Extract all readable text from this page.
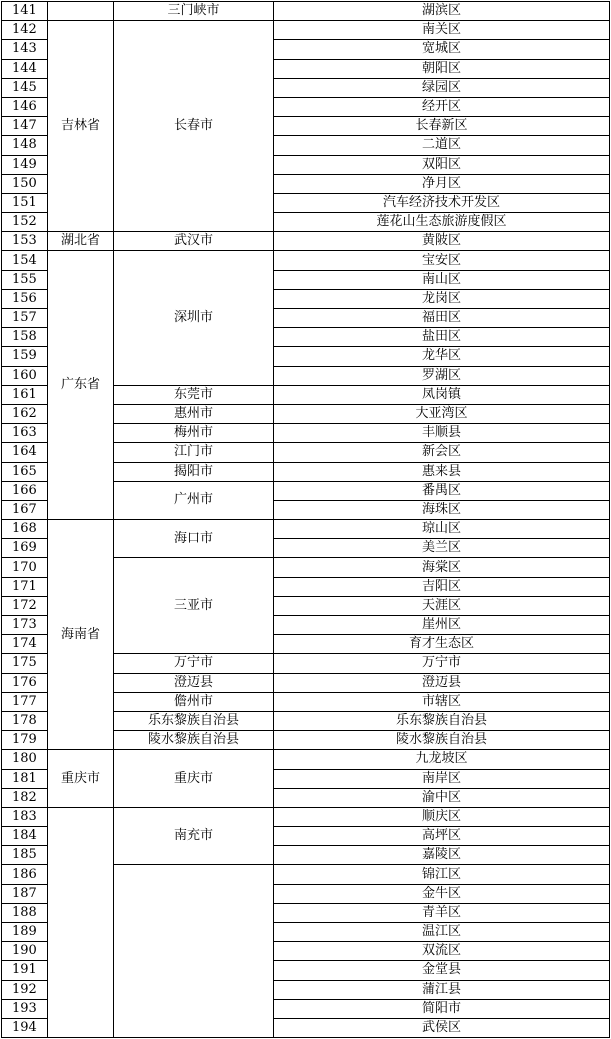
141		三门峡市	湖滨区
142	吉林省	长春市	南关区
143			宽城区
144			朝阳区
145			绿园区
146			经开区
147			长春新区
148			二道区
149			双阳区
150			净月区
151			汽车经济技术开发区
152			莲花山生态旅游度假区
153	湖北省	武汉市	黄陂区
154	广东省	深圳市	宝安区
155			南山区
156			龙岗区
157			福田区
158			盐田区
159			龙华区
160			罗湖区
161		东莞市	凤岗镇
162		惠州市	大亚湾区
163		梅州市	丰顺县
164		江门市	新会区
165		揭阳市	惠来县
166		广州市	番禺区
167			海珠区
168	海南省	海口市	琼山区
169			美兰区
170		三亚市	海棠区
171			吉阳区
172			天涯区
173			崖州区
174			育才生态区
175		万宁市	万宁市
176		澄迈县	澄迈县
177		儋州市	市辖区
178		乐东黎族自治县	乐东黎族自治县
179		陵水黎族自治县	陵水黎族自治县
180	重庆市	重庆市	九龙坡区
181			南岸区
182			渝中区
183		南充市	顺庆区
184			高坪区
185			嘉陵区
186			锦江区
187			金牛区
188			青羊区
189			温江区
190			双流区
191			金堂县
192			蒲江县
193			简阳市
194			武侯区
